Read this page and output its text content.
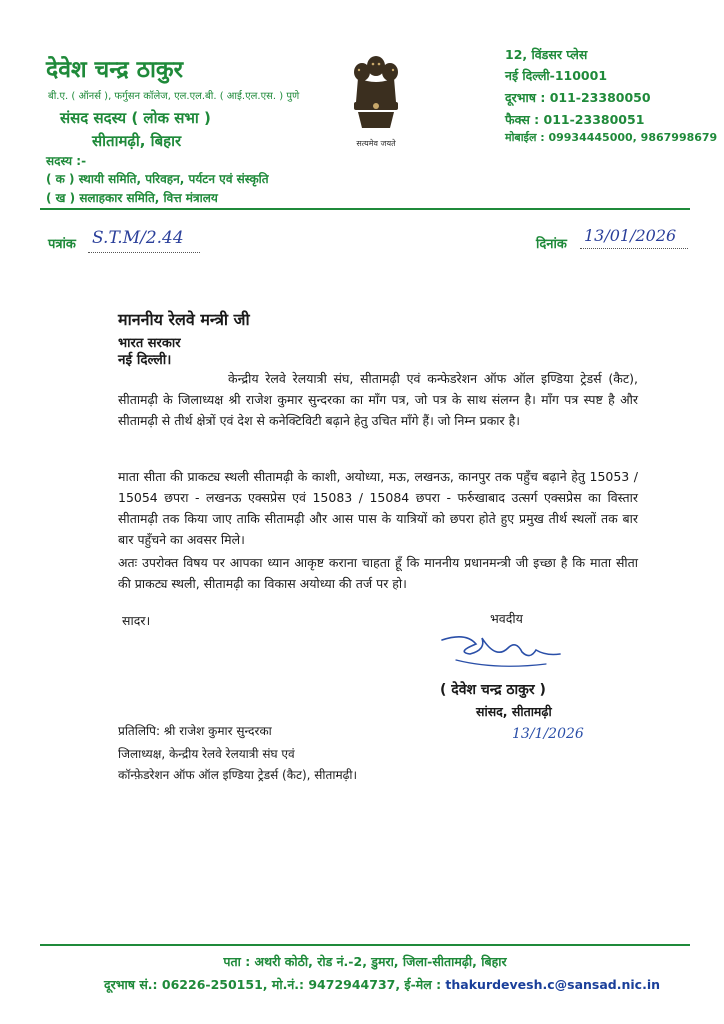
देवेश चन्द्र ठाकुर
बी.ए. ( ऑनर्स ), फर्गुसन कॉलेज, एल.एल.बी. ( आई.एल.एस. ) पुणे
संसद सदस्य ( लोक सभा )
सीतामढ़ी, बिहार
सदस्य :-
( क ) स्थायी समिति, परिवहन, पर्यटन एवं संस्कृति
( ख ) सलाहकार समिति, वित्त मंत्रालय
सत्यमेव जयते
12, विंडसर प्लेस
नई दिल्ली-110001
दूरभाष : 011-23380050
फैक्स : 011-23380051
मोबाईल : 09934445000, 9867998679
पत्रांक S.T.M/2.44	दिनांक 13/01/2026
माननीय रेलवे मन्त्री जी
भारत सरकार
नई दिल्ली।
केन्द्रीय रेलवे रेलयात्री संघ, सीतामढ़ी एवं कन्फेडरेशन ऑफ ऑल इण्डिया ट्रेडर्स (कैट), सीतामढ़ी के जिलाध्यक्ष श्री राजेश कुमार सुन्दरका का माँग पत्र, जो पत्र के साथ संलग्न है। माँग पत्र स्पष्ट है और सीतामढ़ी से तीर्थ क्षेत्रों एवं देश से कनेक्टिविटी बढ़ाने हेतु उचित माँगे हैं। जो निम्न प्रकार है।
माता सीता की प्राकट्य स्थली सीतामढ़ी के काशी, अयोध्या, मऊ, लखनऊ, कानपुर तक पहुँच बढ़ाने हेतु 15053 / 15054 छपरा - लखनऊ एक्सप्रेस एवं 15083 / 15084 छपरा - फर्रुखाबाद उत्सर्ग एक्सप्रेस का विस्तार सीतामढ़ी तक किया जाए ताकि सीतामढ़ी और आस पास के यात्रियों को छपरा होते हुए प्रमुख तीर्थ स्थलों तक बार बार पहुँचने का अवसर मिले।
अतः उपरोक्त विषय पर आपका ध्यान आकृष्ट कराना चाहता हूँ कि माननीय प्रधानमन्त्री जी इच्छा है कि माता सीता की प्राकट्य स्थली, सीतामढ़ी का विकास अयोध्या की तर्ज पर हो।
सादर।	भवदीय
( देवेश चन्द्र ठाकुर )
सांसद, सीतामढ़ी
13/1/2026
प्रतिलिपि: श्री राजेश कुमार सुन्दरका
जिलाध्यक्ष, केन्द्रीय रेलवे रेलयात्री संघ एवं
कॉन्फ़ेडरेशन ऑफ ऑल इण्डिया ट्रेडर्स (कैट), सीतामढ़ी।
पता : अथरी कोठी, रोड नं.-2, डुमरा, जिला-सीतामढ़ी, बिहार
दूरभाष सं.: 06226-250151, मो.नं.: 9472944737, ई-मेल : thakurdevesh.c@sansad.nic.in
